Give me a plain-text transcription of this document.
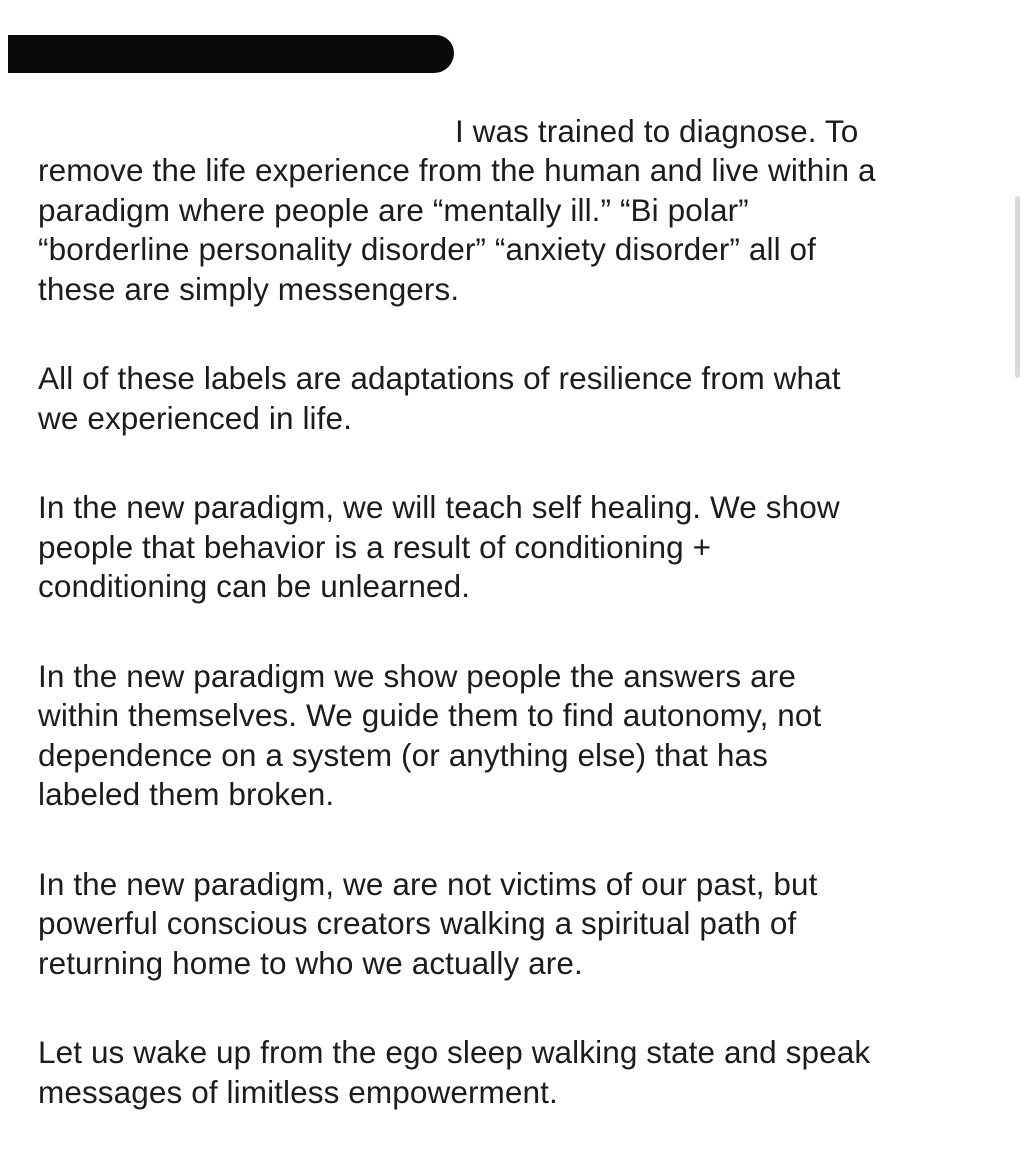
I was trained to diagnose. To

remove the life experience from the human and live within a
paradigm where people are “mentally ill.” “Bi polar”
“borderline personality disorder” “anxiety disorder” all of
these are simply messengers.

All of these labels are adaptations of resilience from what
we experienced in life.
In the new paradigm, we will teach self healing. We show
people that behavior is a result of conditioning +
conditioning can be unlearned.
In the new paradigm we show people the answers are
within themselves. We guide them to find autonomy, not
dependence on a system (or anything else) that has
labeled them broken.
In the new paradigm, we are not victims of our past, but
powerful conscious creators walking a spiritual path of
returning home to who we actually are.
Let us wake up from the ego sleep walking state and speak
messages of limitless empowerment.
